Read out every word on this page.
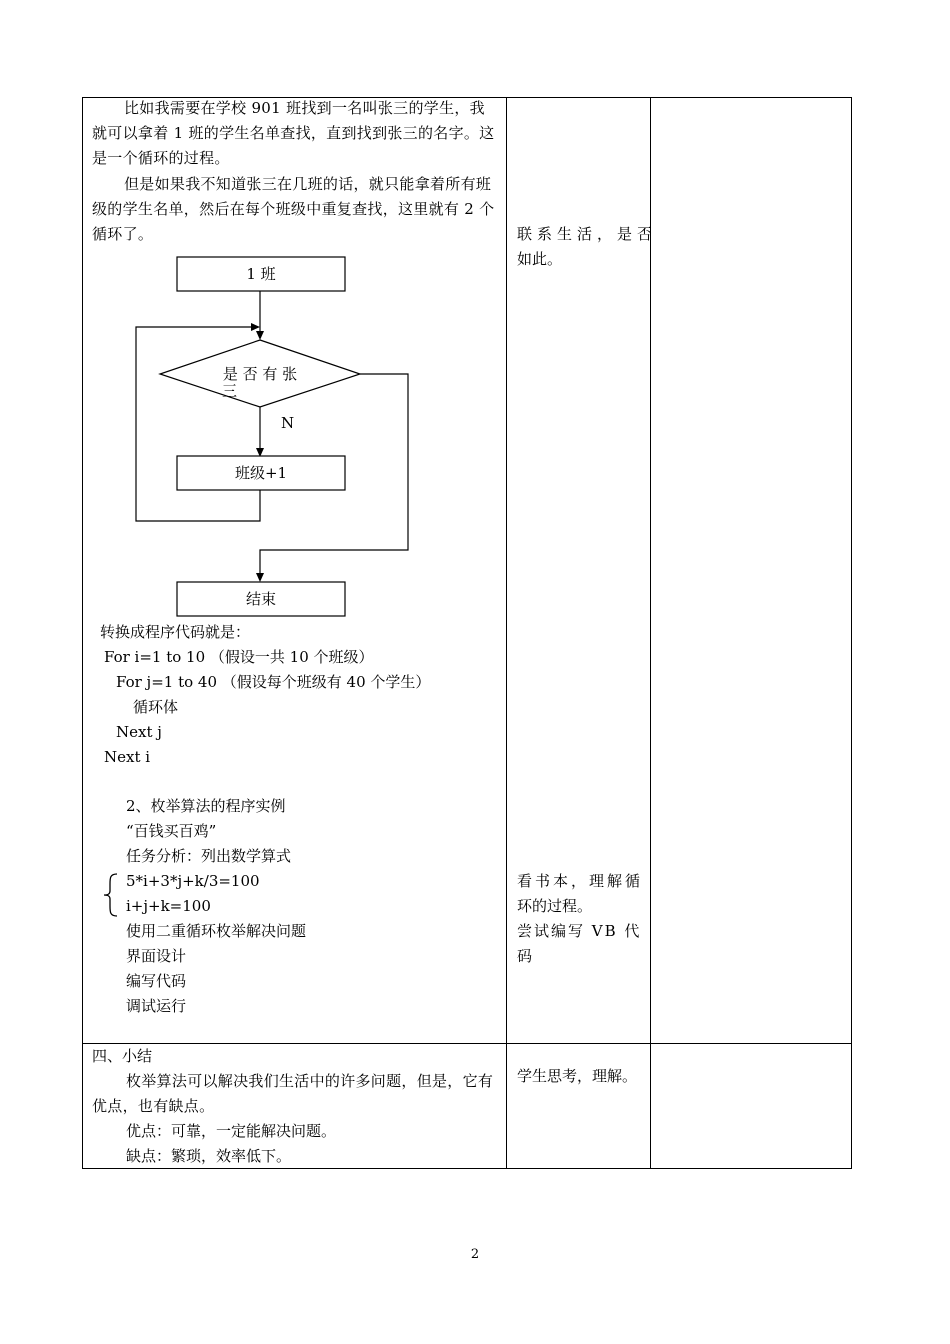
比如我需要在学校 901 班找到一名叫张三的学生，我就可以拿着 1 班的学生名单查找，直到找到张三的名字。这是一个循环的过程。
但是如果我不知道张三在几班的话，就只能拿着所有班级的学生名单，然后在每个班级中重复查找，这里就有 2 个循环了。
1 班
是 否 有 张
三
N
班级+1
结束
转换成程序代码就是：
For i=1 to 10 （假设一共 10 个班级）
For j=1 to 40 （假设每个班级有 40 个学生）
循环体
Next j
Next i
2、枚举算法的程序实例
“百钱买百鸡”
任务分析：列出数学算式
5*i+3*j+k/3=100
i+j+k=100
使用二重循环枚举解决问题
界面设计
编写代码
调试运行
联系生活，是否
如此。
看书本，理解循
环的过程。
尝试编写 VB 代
码
四、小结
枚举算法可以解决我们生活中的许多问题，但是，它有优点，也有缺点。
优点：可靠，一定能解决问题。
缺点：繁琐，效率低下。
学生思考，理解。
2
